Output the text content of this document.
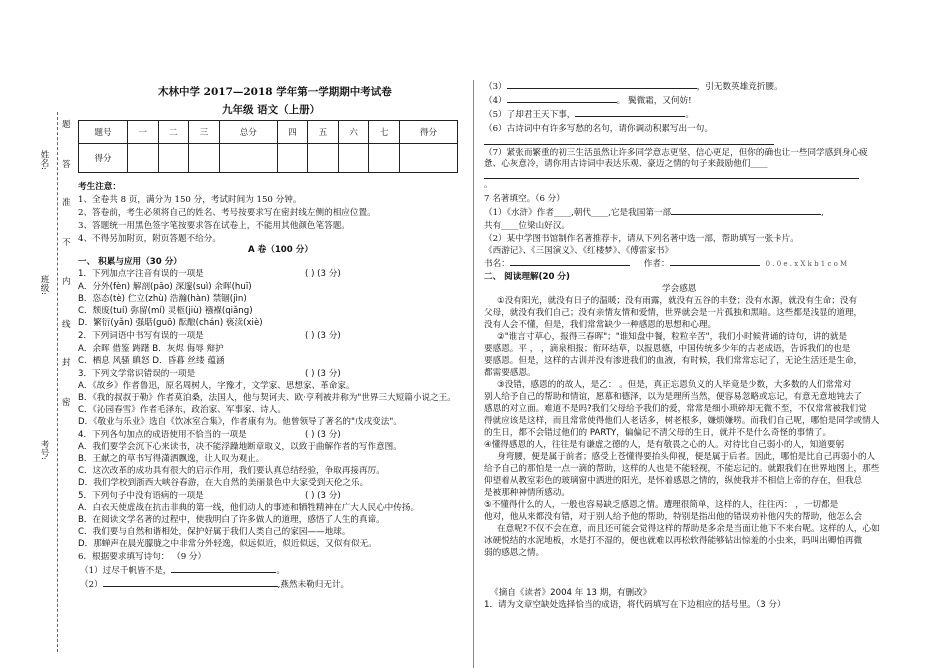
题
姓名: 答
准
不
班级: 内
线
封
考号:
密
木林中学 2017—2018 学年第一学期期中考试卷
九年级 语文（上册）
题号	一	二	三	总分	四	五	六	七	得分
得分									
考生注意：
1、全卷共 8 页，满分为 150 分，考试时间为 150 分钟。
2、答卷前，考生必须将自己的姓名、考号按要求写在密封线左侧的相应位置。
3、答题统一用黑色签字笔按要求答在试卷上，不能用其他颜色笔答题。
4、不得另加附页，附页答题不给分。
A 卷（100 分）
一、 积累与应用（30 分）
1．下列加点字注音有误的一项是	( ) (3 分)
A．分外(fèn) 解剖(pāo) 深邃(suì) 余晖(huī)
B．恣态(tè) 伫立(zhù) 浩瀚(hàn) 禁锢(jìn)
C．颓废(tuí) 弥留(mí) 灵柩(jiù) 襁褓(qiǎng)
D．繁衍(yǎn) 强聒(guō) 酝酿(chán) 亵渎(xiè)
2．下列词语中书写有误的一项是	( ) (3 分)
A．余晖 借鉴 踌躇 B．灰烬 侮辱 辩护
C．栖息 风骚 瞋怒 D．昏暮 丝缕 蕴涵
3．下列文学常识错误的一项是	( ) (3 分)
A．《故乡》作者鲁迅，原名周树人，字豫才，文学家、思想家、革命家。
B．《我的叔叔于勒》作者莫泊桑，法国人，他与契诃夫、欧·亨利被并称为"世界三大短篇小说之王。
C．《沁园春雪》作者毛泽东，政治家、军事家、诗人。
D．《敬业与乐业》选自《饮冰室合集》，作者康有为。他曾领导了著名的"戊戌变法"。
4．下列各句加点的成语使用不恰当的一项是	( ) (3 分)
A．我们要学会沉下心来读书，决不能浮躁地断章取义，以致于曲解作者的写作意图。
B．王献之的草书写得潇洒飘逸，让人叹为观止。
C．这次改革的成功具有很大的启示作用，我们要认真总结经验，争取再接再厉。
D．我们学校到浙西大峡谷春游，在大自然的美丽景色中大家受到天伦之乐。
5．下列句子中没有语病的一项是	( ) (3 分)
A．白衣天使虚战在抗击非典的第一线，他们动人的事迹和牺牲精神在广大人民心中传扬。
B．在阅读文学名著的过程中，使我明白了许多做人的道理，感悟了人生的真谛。
C．我们要与自然和谐相处，保护好属于我们人类自己的家园——地球。
D．那蝉声在晨光朦胧之中非常分外轻逸，似远似近，似近似远，又似有似无。
6．根据要求填写诗句： （9 分）
（1）过尽千帆皆不是，	。
（2）	,燕然未勒归无计。
（3）	，引无数英雄竞折腰。
（4）	。 鬓微霜，又何妨!
（5）了却君王天下事，	。
（6）古诗词中有许多写愁的名句，请你调动积累写出一句。
（7）紧张而繁重的初三生活虽然让许多同学意志更坚、信心更足，但你的确也让一些同学感到身心疲惫、心灰意冷，请你用古诗词中表达乐观、豪迈之情的句子来鼓励他们____
。
7 名著填空。（6 分）
（1）《水浒》作者____,朝代____,它是我国第一部	,
共有____位梁山好汉。
（2）某中学图书馆制作名著推荐卡，请从下列名著中选一部，帮助填写一张卡片。
《西游记》、《三国演义》、《红楼梦》、《傅雷家书》
书名：	作者：	0 . 0 e . x X k b 1 c o M
二、 阅读理解(20 分)
学会感恩
①没有阳光，就没有日子的温暖；没有雨露，就没有五谷的丰登；没有水源，就没有生命；没有
父母，就没有我们自己；没有亲情友情和爱情，世界就会是一片孤独和黑暗。这些都是浅显的道理，
没有人会不懂，但是，我们常常缺少一种感恩的思想和心理。
②"谁言寸草心，报得三春晖"；"谁知盘中餐，粒粒辛苦"，我们小时候背诵的诗句，讲的就是
要感恩。平 ， ，滴泉相报；衔环结草，以报恩德，中国传统多少年的古老成语，告诉我们的也是
要感恩。但是，这样的古训并没有渗进我们的血液，有时候，我们常常忘记了，无论生活还是生命，
都需要感恩。
③没错，感恩的的故人，是乙： 。但是，真正忘恩负义的人毕竟是少数，大多数的人们常常对
别人给予自己的帮助和情谊，愿慕和德泽，以为是理所当然，便容易忽略或忘记，有意无意地钝去了
感恩的对立面。难道不是吗?我们父母给予我们的爱，常常是细小琐碎却无微不至，不仅常常被我们觉
得就应该是这样，而且常常使得他们人老话多，树老根多，嫌烦嫌唠。而我们自己呢，哪怕是同学或情人
的生日，都不会错过他们的 PARTY，偏偏记不清父母的生日，就并不是什么奇怪的事情了。
④懂得感恩的人，往往是有谦虚之德的人，是有敬畏之心的人。对待比自己弱小的人，知道要躬
身弯腰，便是属于前者；感受上苍懂得要抬头仰视，便是属于后者。因此，哪怕是比自己再弱小的人
给予自己的那怕是一点一滴的帮助，这样的人也是不能轻视，不能忘记的。就跟我们在世界地图上，那些
仰望着从教室彩色的玻璃窗中洒进的阳光，是怀着感恩之情的，纵使我并不相信上帝的存在，但我总
是被那种神情所感动。
⑤不懂得什么的人，一般也容易缺乏感恩之情。遭理很简单，这样的人，往往丙： ，一切都是
他对，他从来都没有错，对于别人给予他的帮助，特别是指出他的错误劝补他闪失的帮助，他怎么会
在意呢?不仅不会在意，而且还可能会觉得这样的帮助是多余是当面让他下不来台呢。这样的人，心如
冰硬悦结的水泥地板，水是打不湿的，便也就难以再松软得能够钻出惊羞的小虫来，吗叫出卿怕再微
弱的感恩之情。
《摘自《读者》2004 年 13 期，有删改》
1．请为文章空缺处选择恰当的成语，将代码填写在下边相应的括号里。（3 分）
